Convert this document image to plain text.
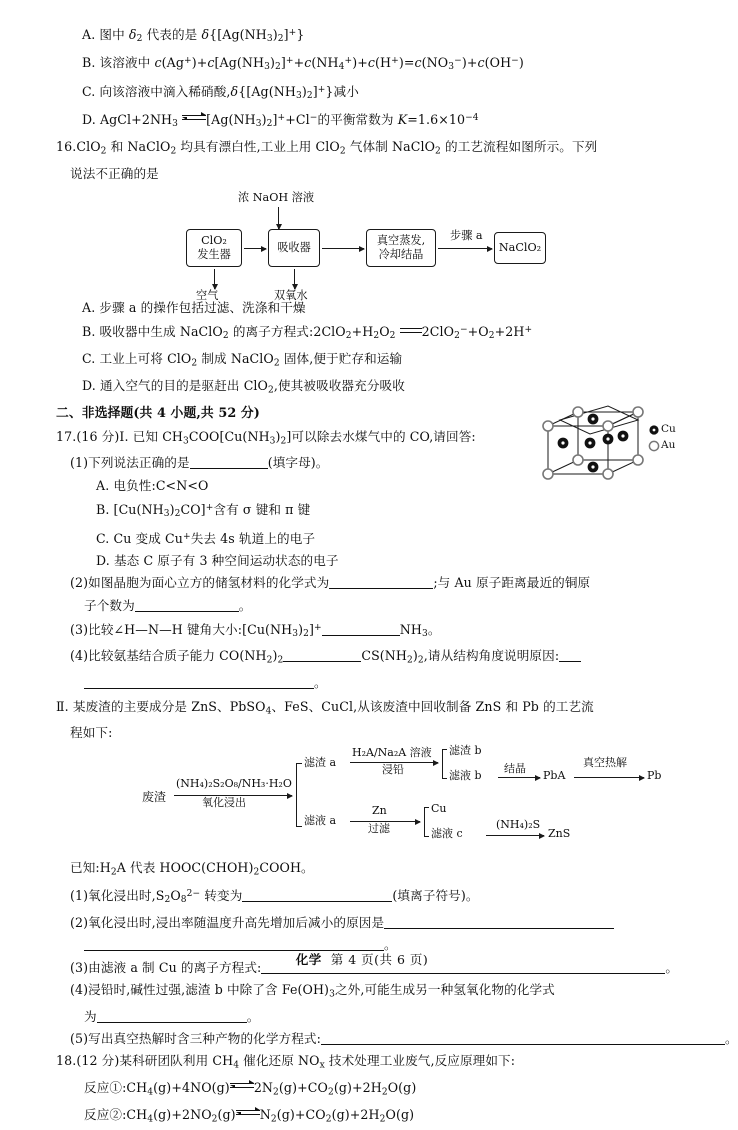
A. 图中 $\delta_2$ 代表的是 $\delta\{[Ag(NH_3)_2]^+\}$
B. 该溶液中 $c(Ag^+)+c[Ag(NH_3)_2]^++c(NH_4^+)+c(H^+)=c(NO_3^-)+c(OH^-)$
C. 向该溶液中滴入稀硝酸$,\delta\{[Ag(NH_3)_2]^+\}$减小
D. $AgCl+2NH_3$ $[Ag(NH_3)_2]^++Cl^-$的平衡常数为 $K=1.6\times 10^{-4}$
16.ClO$_2$ 和 NaClO$_2$ 均具有漂白性,工业上用 ClO$_2$ 气体制 NaClO$_2$ 的工艺流程如图所示。下列
说法不正确的是
浓 NaOH 溶液
ClO₂
发生器
吸收器
真空蒸发,
冷却结晶
步骤 a
NaClO₂
空气	双氧水
A. 步骤 a 的操作包括过滤、洗涤和干燥
B. 吸收器中生成 NaClO$_2$ 的离子方程式$:2ClO_2+H_2O_2$ $2ClO_2^-+O_2+2H^+$
C. 工业上可将 ClO$_2$ 制成 NaClO$_2$ 固体,便于贮存和运输
D. 通入空气的目的是驱赶出 ClO$_2$,使其被吸收器充分吸收
二、非选择题(共 4 小题,共 52 分)
17.(16 分)Ⅰ. 已知 $CH_3COO[Cu(NH_3)_2]$可以除去水煤气中的 CO,请回答:
(1)下列说法正确的是	(填字母)。
A. 电负性:C<N<O
B. $[Cu(NH_3)_2CO]^+$含有 σ 键和 π 键
C. Cu 变成 Cu+失去 4s 轨道上的电子
D. 基态 C 原子有 3 种空间运动状态的电子
(2)如图晶胞为面心立方的储氢材料的化学式为	;与 Au 原子距离最近的铜原
子个数为	。
(3)比较∠H—N—H 键角大小$:[Cu(NH_3)_2]^+$	$NH_3$。
(4)比较氨基结合质子能力 $CO(NH_2)_2$	$CS(NH_2)_2$,请从结构角度说明原因:
。
Cu
Au
Ⅱ. 某废渣的主要成分是 ZnS、PbSO$_4$、FeS、CuCl,从该废渣中回收制备 ZnS 和 Pb 的工艺流
程如下:
废渣
(NH₄)₂S₂O₈/NH₃·H₂O
氧化浸出
滤渣 a
H₂A/Na₂A 溶液
浸铅
滤渣 b
滤液 b
结晶
PbA
真空热解
Pb
滤液 a
Zn
过滤
Cu
滤液 c
(NH₄)₂S
ZnS
已知$:H_2A$ 代表 $HOOC(CHOH)_2COOH$。
(1)氧化浸出时$,S_2O_8^{2-}$ 转变为	(填离子符号)。
(2)氧化浸出时,浸出率随温度升高先增加后减小的原因是
。
(3)由滤液 a 制 Cu 的离子方程式:	。
(4)浸铅时,碱性过强,滤渣 b 中除了含 $Fe(OH)_3$之外,可能生成另一种氢氧化物的化学式
为	。
(5)写出真空热解时含三种产物的化学方程式:	。
18.(12 分)某科研团队利用 $CH_4$ 催化还原 $NO_x$ 技术处理工业废气,反应原理如下:
反应$①:CH_4(g)+4NO(g)$ $2N_2(g)+CO_2(g)+2H_2O(g)$
反应$②:CH_4(g)+2NO_2(g)$ $N_2(g)+CO_2(g)+2H_2O(g)$
化学 第 4 页(共 6 页)
